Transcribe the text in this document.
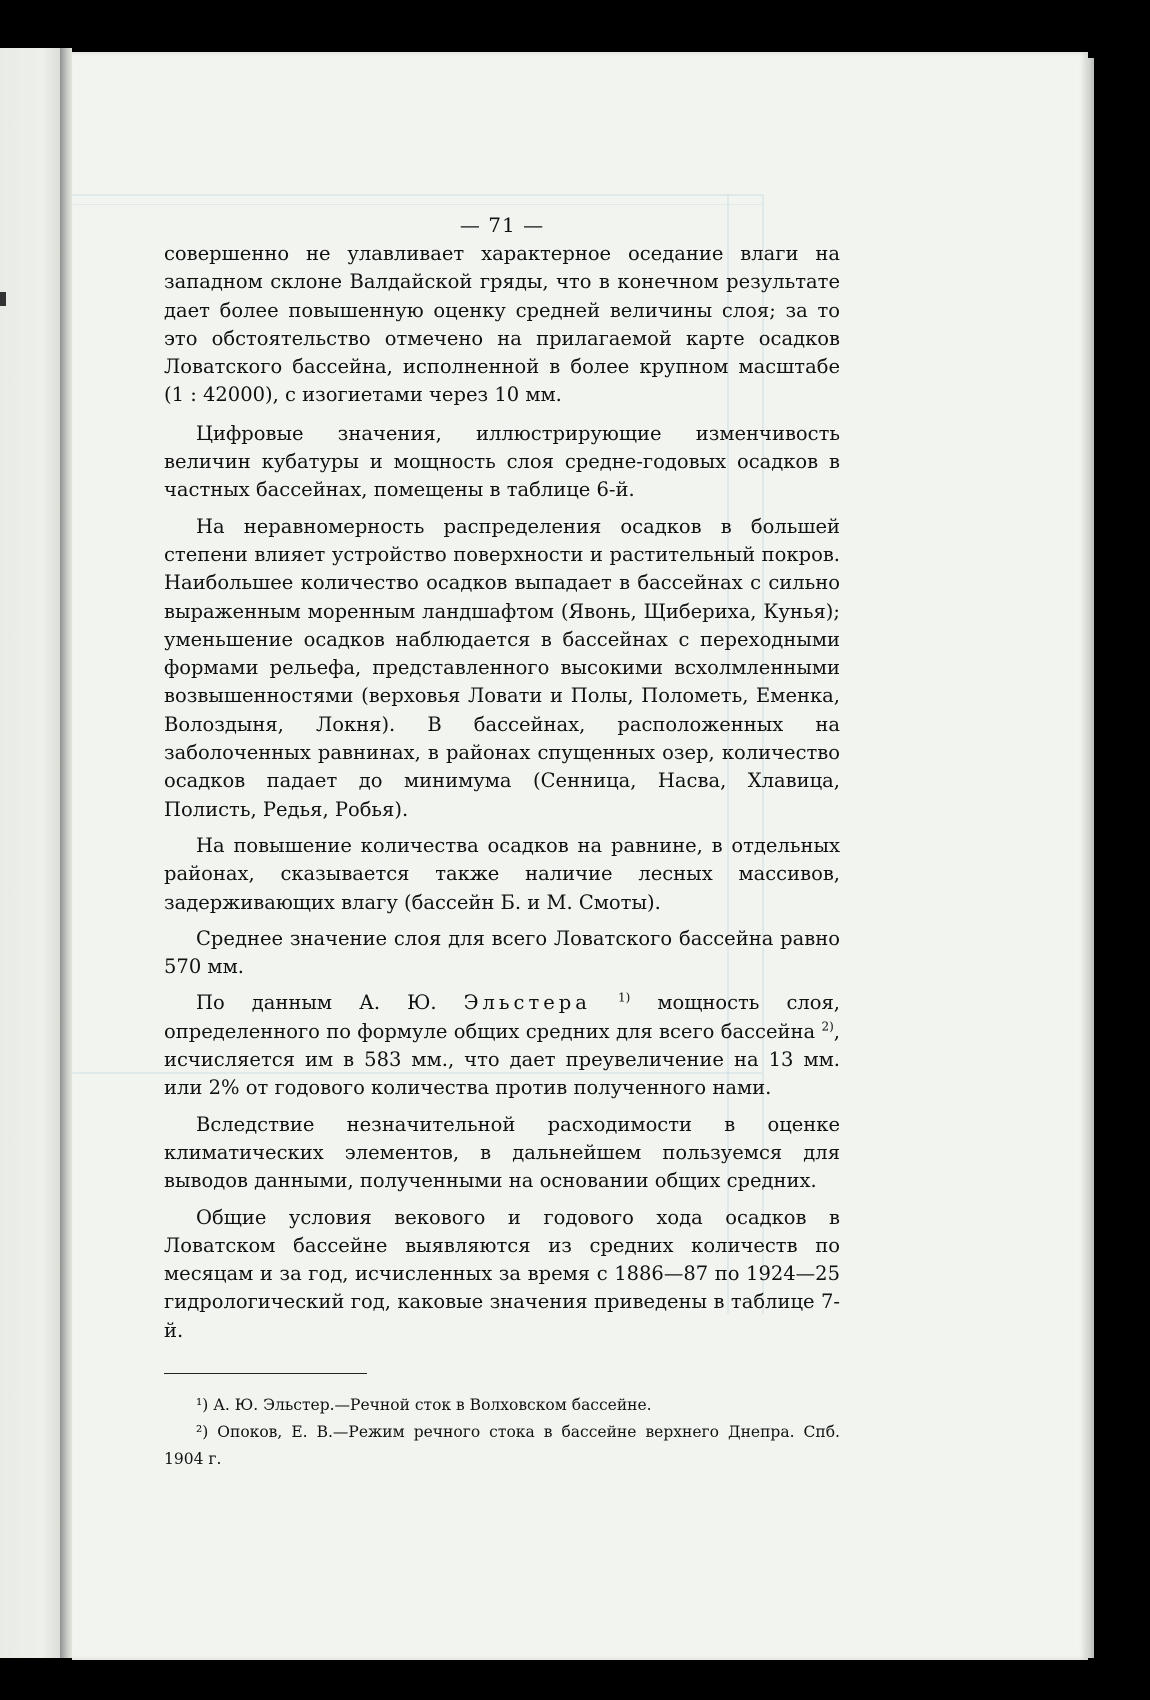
— 71 —

совершенно не улавливает характерное оседание влаги на западном склоне Валдайской гряды, что в конечном результате дает более повышенную оценку средней величины слоя; за то это обстоятельство отмечено на прилагаемой карте осадков Ловатского бассейна, исполненной в более крупном масштабе (1 : 42000), с изогиетами через 10 мм.

Цифровые значения, иллюстрирующие изменчивость величин кубатуры и мощность слоя средне-годовых осадков в частных бассейнах, помещены в таблице 6-й.

На неравномерность распределения осадков в большей степени влияет устройство поверхности и растительный покров. Наибольшее количество осадков выпадает в бассейнах с сильно выраженным моренным ландшафтом (Явонь, Щибериха, Кунья); уменьшение осадков наблюдается в бассейнах с переходными формами рельефа, представленного высокими всхолмленными возвышенностями (верховья Ловати и Полы, Полометь, Еменка, Волоздыня, Локня). В бассейнах, расположенных на заболоченных равнинах, в районах спущенных озер, количество осадков падает до минимума (Сенница, Насва, Хлавица, Полисть, Редья, Робья).

На повышение количества осадков на равнине, в отдельных районах, сказывается также наличие лесных массивов, задерживающих влагу (бассейн Б. и М. Смоты).

Среднее значение слоя для всего Ловатского бассейна равно 570 мм.

По данным А. Ю. Эльстера $^{1)}$ мощность слоя, определенного по формуле общих средних для всего бассейна $^{2)}$, исчисляется им в 583 мм., что дает преувеличение на 13 мм. или 2% от годового количества против полученного нами.

Вследствие незначительной расходимости в оценке климатических элементов, в дальнейшем пользуемся для выводов данными, полученными на основании общих средних.

Общие условия векового и годового хода осадков в Ловатском бассейне выявляются из средних количеств по месяцам и за год, исчисленных за время с 1886—87 по 1924—25 гидрологический год, каковые значения приведены в таблице 7-й.

¹) А. Ю. Эльстер.—Речной сток в Волховском бассейне.

²) Опоков, Е. В.—Режим речного стока в бассейне верхнего Днепра. Спб. 1904 г.
